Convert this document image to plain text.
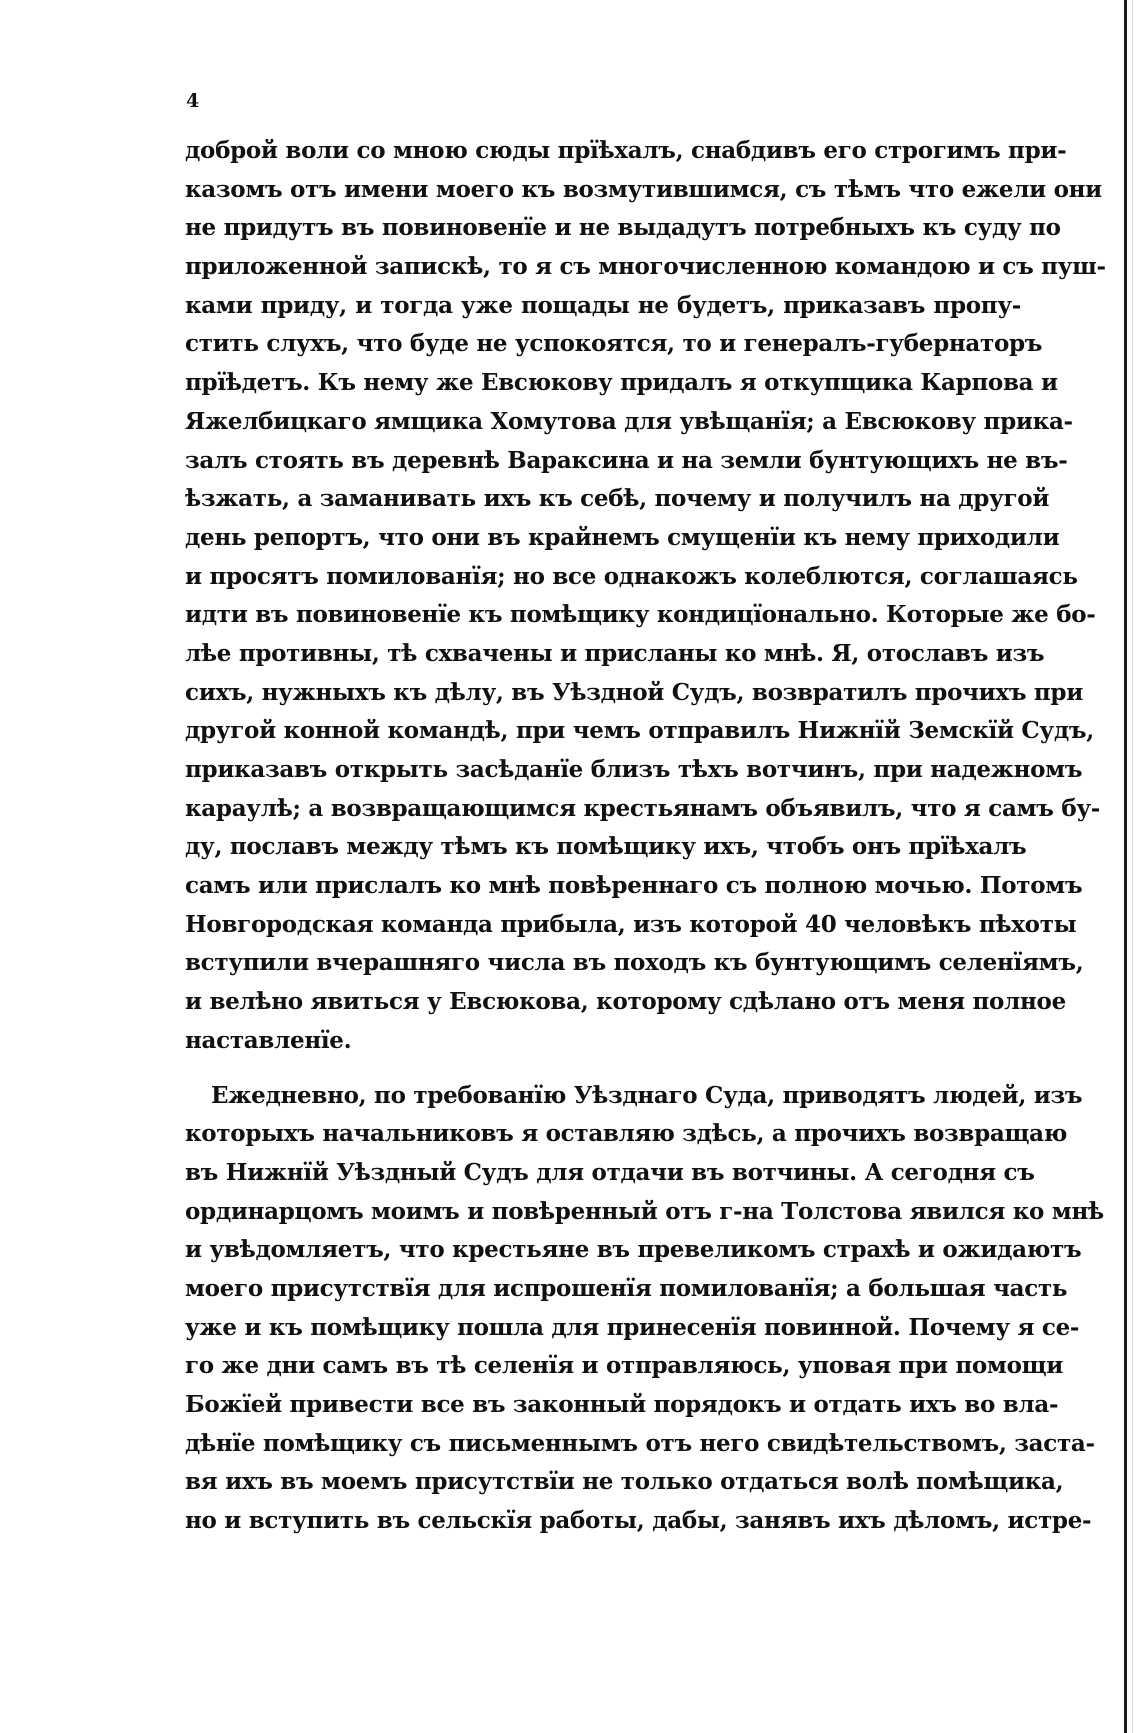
4
доброй воли со мною сюды прїѣхалъ, снабдивъ его строгимъ при-
казомъ отъ имени моего къ возмутившимся, съ тѣмъ что ежели они
не придутъ въ повиновенїе и не выдадутъ потребныхъ къ суду по
приложенной запискѣ, то я съ многочисленною командою и съ пуш-
ками приду, и тогда уже пощады не будетъ, приказавъ пропу-
стить слухъ, что буде не успокоятся, то и генералъ-губернаторъ
прїѣдетъ. Къ нему же Евсюкову придалъ я откупщика Карпова и
Яжелбицкаго ямщика Хомутова для увѣщанїя; а Евсюкову прика-
залъ стоять въ деревнѣ Вараксина и на земли бунтующихъ не въ-
ѣзжать, а заманивать ихъ къ себѣ, почему и получилъ на другой
день репортъ, что они въ крайнемъ смущенїи къ нему приходили
и просятъ помилованїя; но все однакожъ колеблются, соглашаясь
идти въ повиновенїе къ помѣщику кондицїонально. Которые же бо-
лѣе противны, тѣ схвачены и присланы ко мнѣ. Я, отославъ изъ
сихъ, нужныхъ къ дѣлу, въ Уѣздной Судъ, возвратилъ прочихъ при
другой конной командѣ, при чемъ отправилъ Нижнїй Земскїй Судъ,
приказавъ открыть засѣданїе близъ тѣхъ вотчинъ, при надежномъ
караулѣ; а возвращающимся крестьянамъ объявилъ, что я самъ бу-
ду, пославъ между тѣмъ къ помѣщику ихъ, чтобъ онъ прїѣхалъ
самъ или прислалъ ко мнѣ повѣреннаго съ полною мочью. Потомъ
Новгородская команда прибыла, изъ которой 40 человѣкъ пѣхоты
вступили вчерашняго числа въ походъ къ бунтующимъ селенїямъ,
и велѣно явиться у Евсюкова, которому сдѣлано отъ меня полное
наставленїе.
Ежедневно, по требованїю Уѣзднаго Суда, приводятъ людей, изъ
которыхъ начальниковъ я оставляю здѣсь, а прочихъ возвращаю
въ Нижнїй Уѣздный Судъ для отдачи въ вотчины. А сегодня съ
ординарцомъ моимъ и повѣренный отъ г-на Толстова явился ко мнѣ
и увѣдомляетъ, что крестьяне въ превеликомъ страхѣ и ожидаютъ
моего присутствїя для испрошенїя помилованїя; а большая часть
уже и къ помѣщику пошла для принесенїя повинной. Почему я се-
го же дни самъ въ тѣ селенїя и отправляюсь, уповая при помощи
Божїей привести все въ законный порядокъ и отдать ихъ во вла-
дѣнїе помѣщику съ письменнымъ отъ него свидѣтельствомъ, заста-
вя ихъ въ моемъ присутствїи не только отдаться волѣ помѣщика,
но и вступить въ сельскїя работы, дабы, занявъ ихъ дѣломъ, истре-
